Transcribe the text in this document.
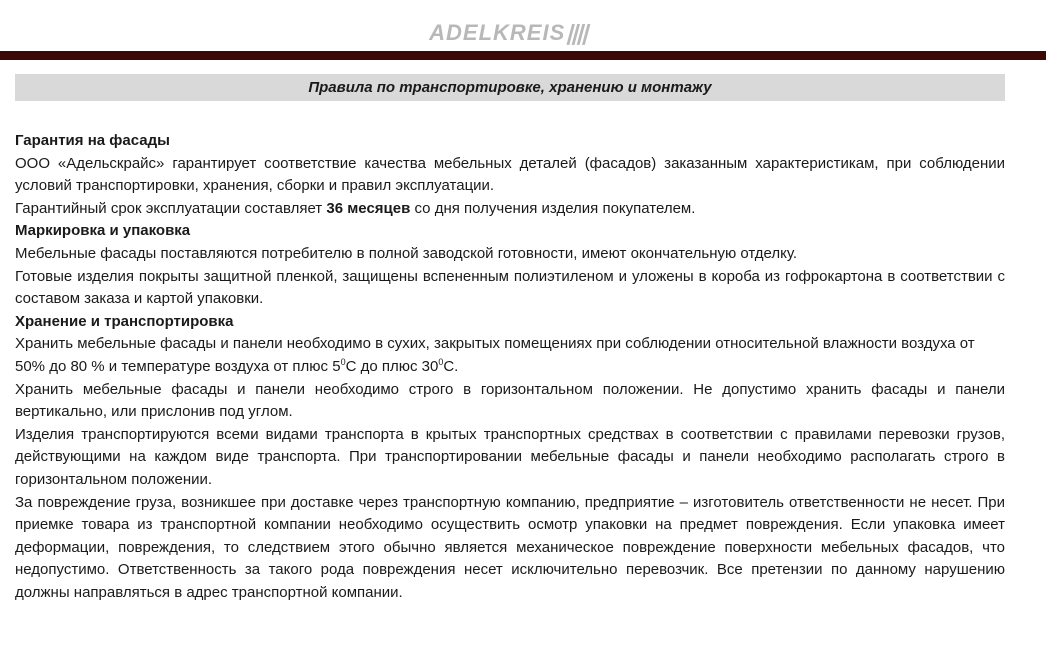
ADELKREIS||||
Правила по транспортировке, хранению и монтажу
Гарантия на фасады

ООО «Адельскрайс» гарантирует соответствие качества мебельных деталей (фасадов) заказанным характеристикам, при соблюдении условий транспортировки, хранения, сборки и правил эксплуатации.

Гарантийный срок эксплуатации составляет 36 месяцев со дня получения изделия покупателем.

Маркировка и упаковка

Мебельные фасады поставляются потребителю в полной заводской готовности, имеют окончательную отделку.

Готовые изделия покрыты защитной пленкой, защищены вспененным полиэтиленом и уложены в короба из гофрокартона в соответствии с составом заказа и картой упаковки.

Хранение и транспортировка

Хранить мебельные фасады и панели необходимо в сухих, закрытых помещениях при соблюдении относительной влажности воздуха от 50% до 80 % и температуре воздуха от плюс $5^0С$ до плюс $30^0С$.

Хранить мебельные фасады и панели необходимо строго в горизонтальном положении. Не допустимо хранить фасады и панели вертикально, или прислонив под углом.

Изделия транспортируются всеми видами транспорта в крытых транспортных средствах в соответствии с правилами перевозки грузов, действующими на каждом виде транспорта. При транспортировании мебельные фасады и панели необходимо располагать строго в горизонтальном положении.

За повреждение груза, возникшее при доставке через транспортную компанию, предприятие – изготовитель ответственности не несет. При приемке товара из транспортной компании необходимо осуществить осмотр упаковки на предмет повреждения. Если упаковка имеет деформации, повреждения, то следствием этого обычно является механическое повреждение поверхности мебельных фасадов, что недопустимо. Ответственность за такого рода повреждения несет исключительно перевозчик. Все претензии по данному нарушению должны направляться в адрес транспортной компании.
